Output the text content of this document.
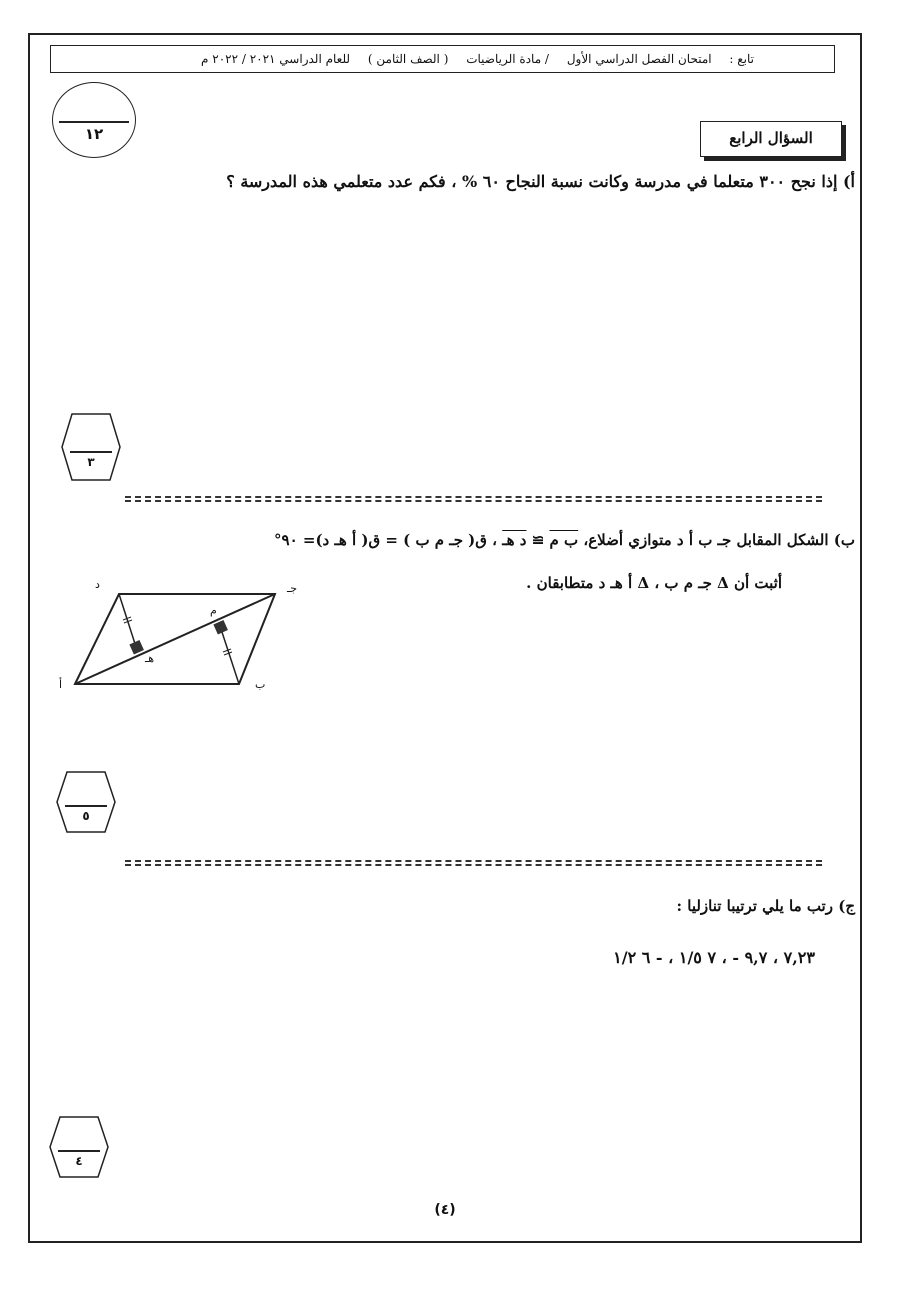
تابع : امتحان الفصل الدراسي الأول / مادة الرياضيات ( الصف الثامن ) للعام الدراسي ٢٠٢١ / ٢٠٢٢ م
١٢	السؤال الرابع
أ) إذا نجح ٣٠٠ متعلما في مدرسة وكانت نسبة النجاح ٦٠ % ، فكم عدد متعلمي هذه المدرسة ؟
٣
ب) الشكل المقابل جـ ب أ د متوازي أضلاع، ب م ≅ د هـ ، ق( جـ م ب ) = ق( أ هـ د)= ٩٠°
أثبت أن Δ جـ م ب ، Δ أ هـ د متطابقان .
د	جـ
أ	ب
م
هـ
٥
ج) رتب ما يلي ترتيبا تنازليا :
٧,٢٣ ، ٩,٧ - ، ٧ ١/٥ ، - ٦ ١/٢
٤
(٤)
